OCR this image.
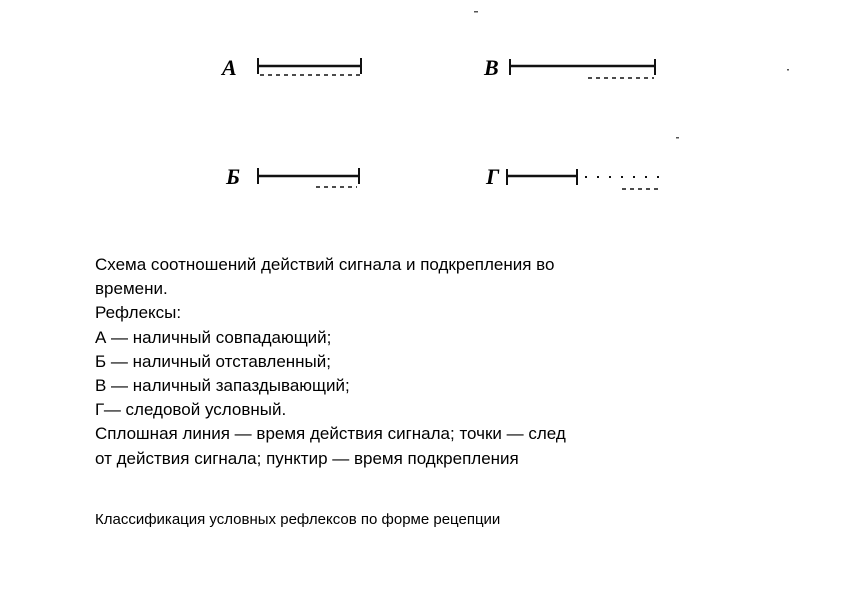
А	В
Б	Г
Схема соотношений действий сигнала и подкрепления во
времени.
Рефлексы:
А — наличный совпадающий;
Б — наличный отставленный;
В — наличный запаздывающий;
Г— следовой условный.
Сплошная линия — время действия сигнала; точки — след
от действия сигнала; пунктир — время подкрепления
Классификация условных рефлексов по форме рецепции
